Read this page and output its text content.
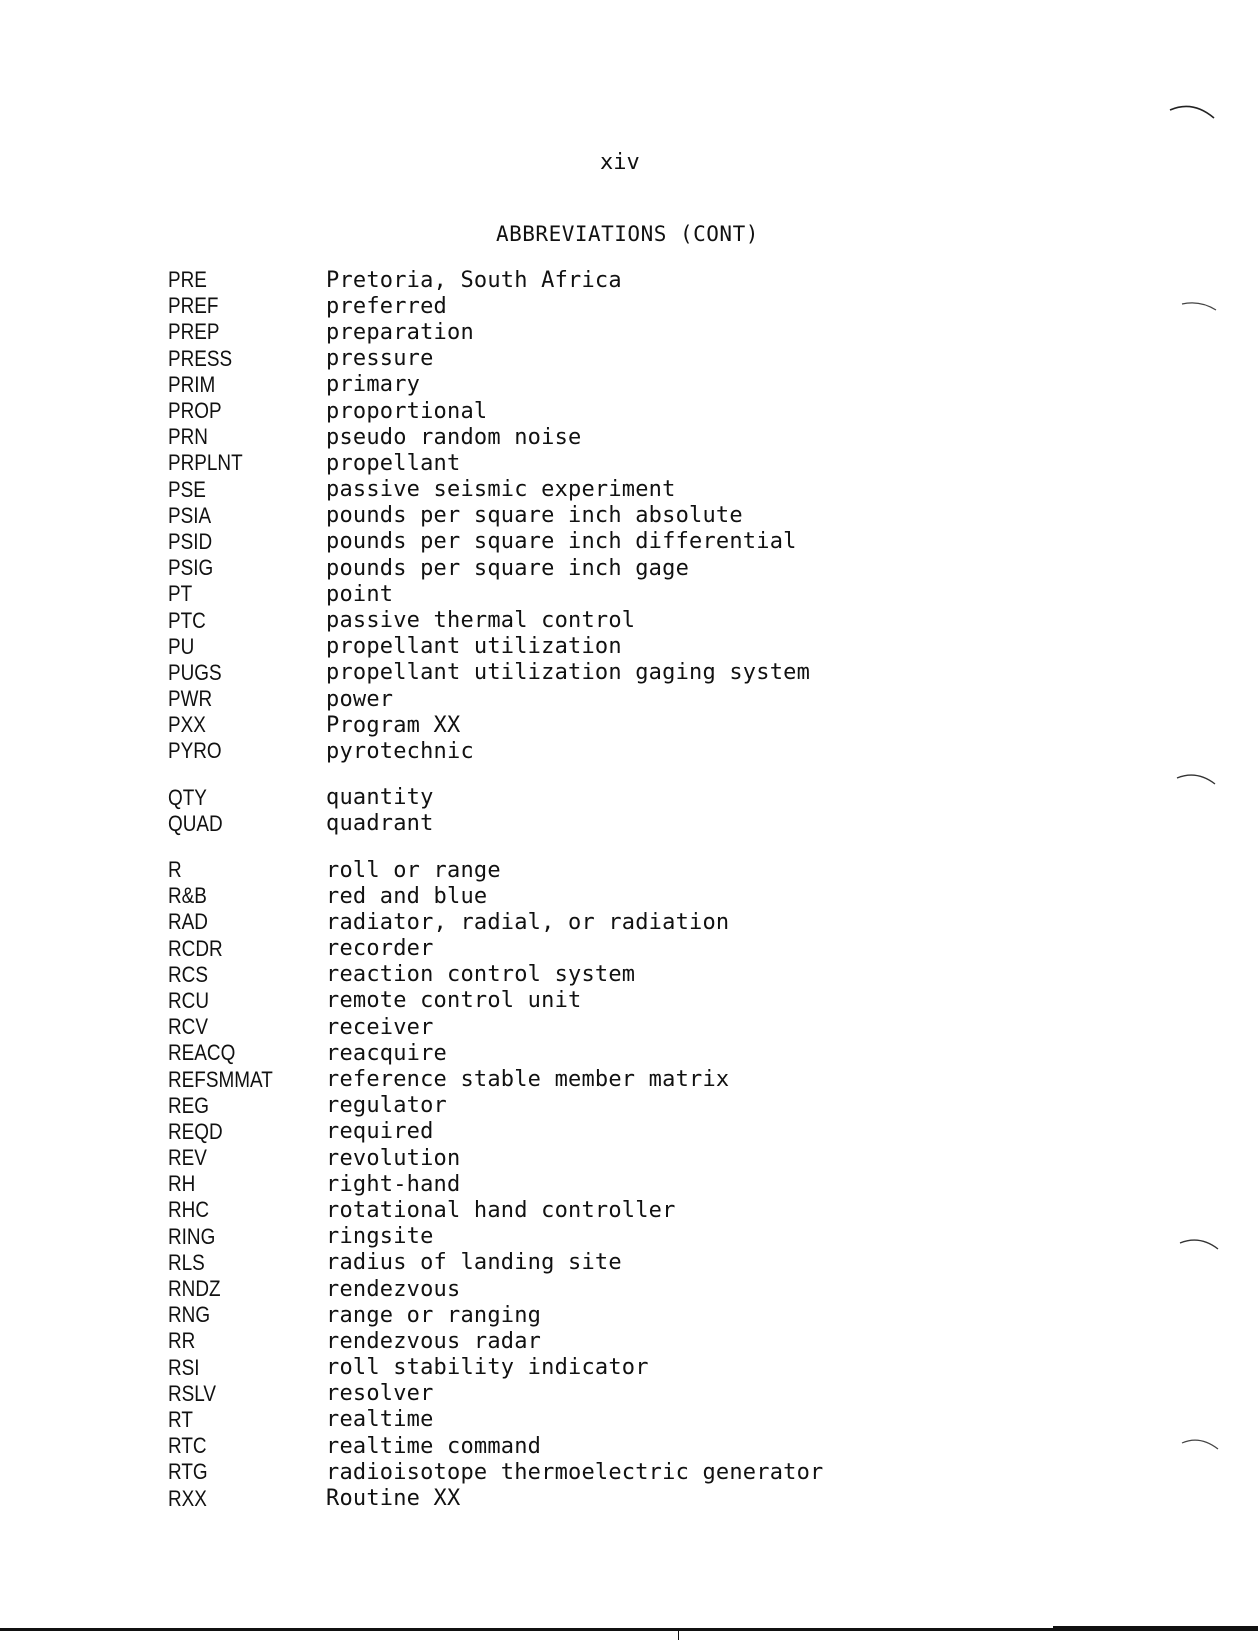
xiv
ABBREVIATIONS (CONT)
PRE	Pretoria, South Africa
PREF	preferred
PREP	preparation
PRESS	pressure
PRIM	primary
PROP	proportional
PRN	pseudo random noise
PRPLNT	propellant
PSE	passive seismic experiment
PSIA	pounds per square inch absolute
PSID	pounds per square inch differential
PSIG	pounds per square inch gage
PT	point
PTC	passive thermal control
PU	propellant utilization
PUGS	propellant utilization gaging system
PWR	power
PXX	Program XX
PYRO	pyrotechnic
QTY	quantity
QUAD	quadrant
R	roll or range
R&B	red and blue
RAD	radiator, radial, or radiation
RCDR	recorder
RCS	reaction control system
RCU	remote control unit
RCV	receiver
REACQ	reacquire
REFSMMAT	reference stable member matrix
REG	regulator
REQD	required
REV	revolution
RH	right-hand
RHC	rotational hand controller
RING	ringsite
RLS	radius of landing site
RNDZ	rendezvous
RNG	range or ranging
RR	rendezvous radar
RSI	roll stability indicator
RSLV	resolver
RT	realtime
RTC	realtime command
RTG	radioisotope thermoelectric generator
RXX	Routine XX
